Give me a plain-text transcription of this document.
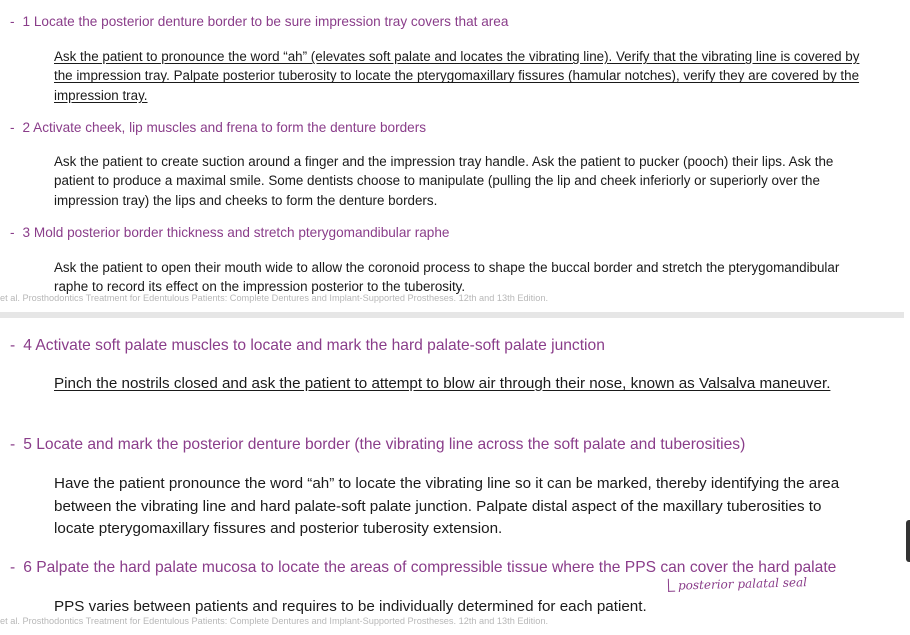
- 1 Locate the posterior denture border to be sure impression tray covers that area
Ask the patient to pronounce the word “ah” (elevates soft palate and locates the vibrating line). Verify that the vibrating line is covered by the impression tray. Palpate posterior tuberosity to locate the pterygomaxillary fissures (hamular notches), verify they are covered by the impression tray.
- 2 Activate cheek, lip muscles and frena to form the denture borders
Ask the patient to create suction around a finger and the impression tray handle. Ask the patient to pucker (pooch) their lips. Ask the patient to produce a maximal smile. Some dentists choose to manipulate (pulling the lip and cheek inferiorly or superiorly over the impression tray) the lips and cheeks to form the denture borders.
- 3 Mold posterior border thickness and stretch pterygomandibular raphe
Ask the patient to open their mouth wide to allow the coronoid process to shape the buccal border and stretch the pterygomandibular raphe to record its effect on the impression posterior to the tuberosity.
et al. Prosthodontics Treatment for Edentulous Patients: Complete Dentures and Implant-Supported Prostheses. 12th and 13th Edition.
- 4 Activate soft palate muscles to locate and mark the hard palate-soft palate junction
Pinch the nostrils closed and ask the patient to attempt to blow air through their nose, known as Valsalva maneuver.
- 5 Locate and mark the posterior denture border (the vibrating line across the soft palate and tuberosities)
Have the patient pronounce the word “ah” to locate the vibrating line so it can be marked, thereby identifying the area between the vibrating line and hard palate-soft palate junction. Palpate distal aspect of the maxillary tuberosities to locate pterygomaxillary fissures and posterior tuberosity extension.
- 6 Palpate the hard palate mucosa to locate the areas of compressible tissue where the PPS can cover the hard palate
PPS varies between patients and requires to be individually determined for each patient.
et al. Prosthodontics Treatment for Edentulous Patients: Complete Dentures and Implant-Supported Prostheses. 12th and 13th Edition.
posterior palatal seal
